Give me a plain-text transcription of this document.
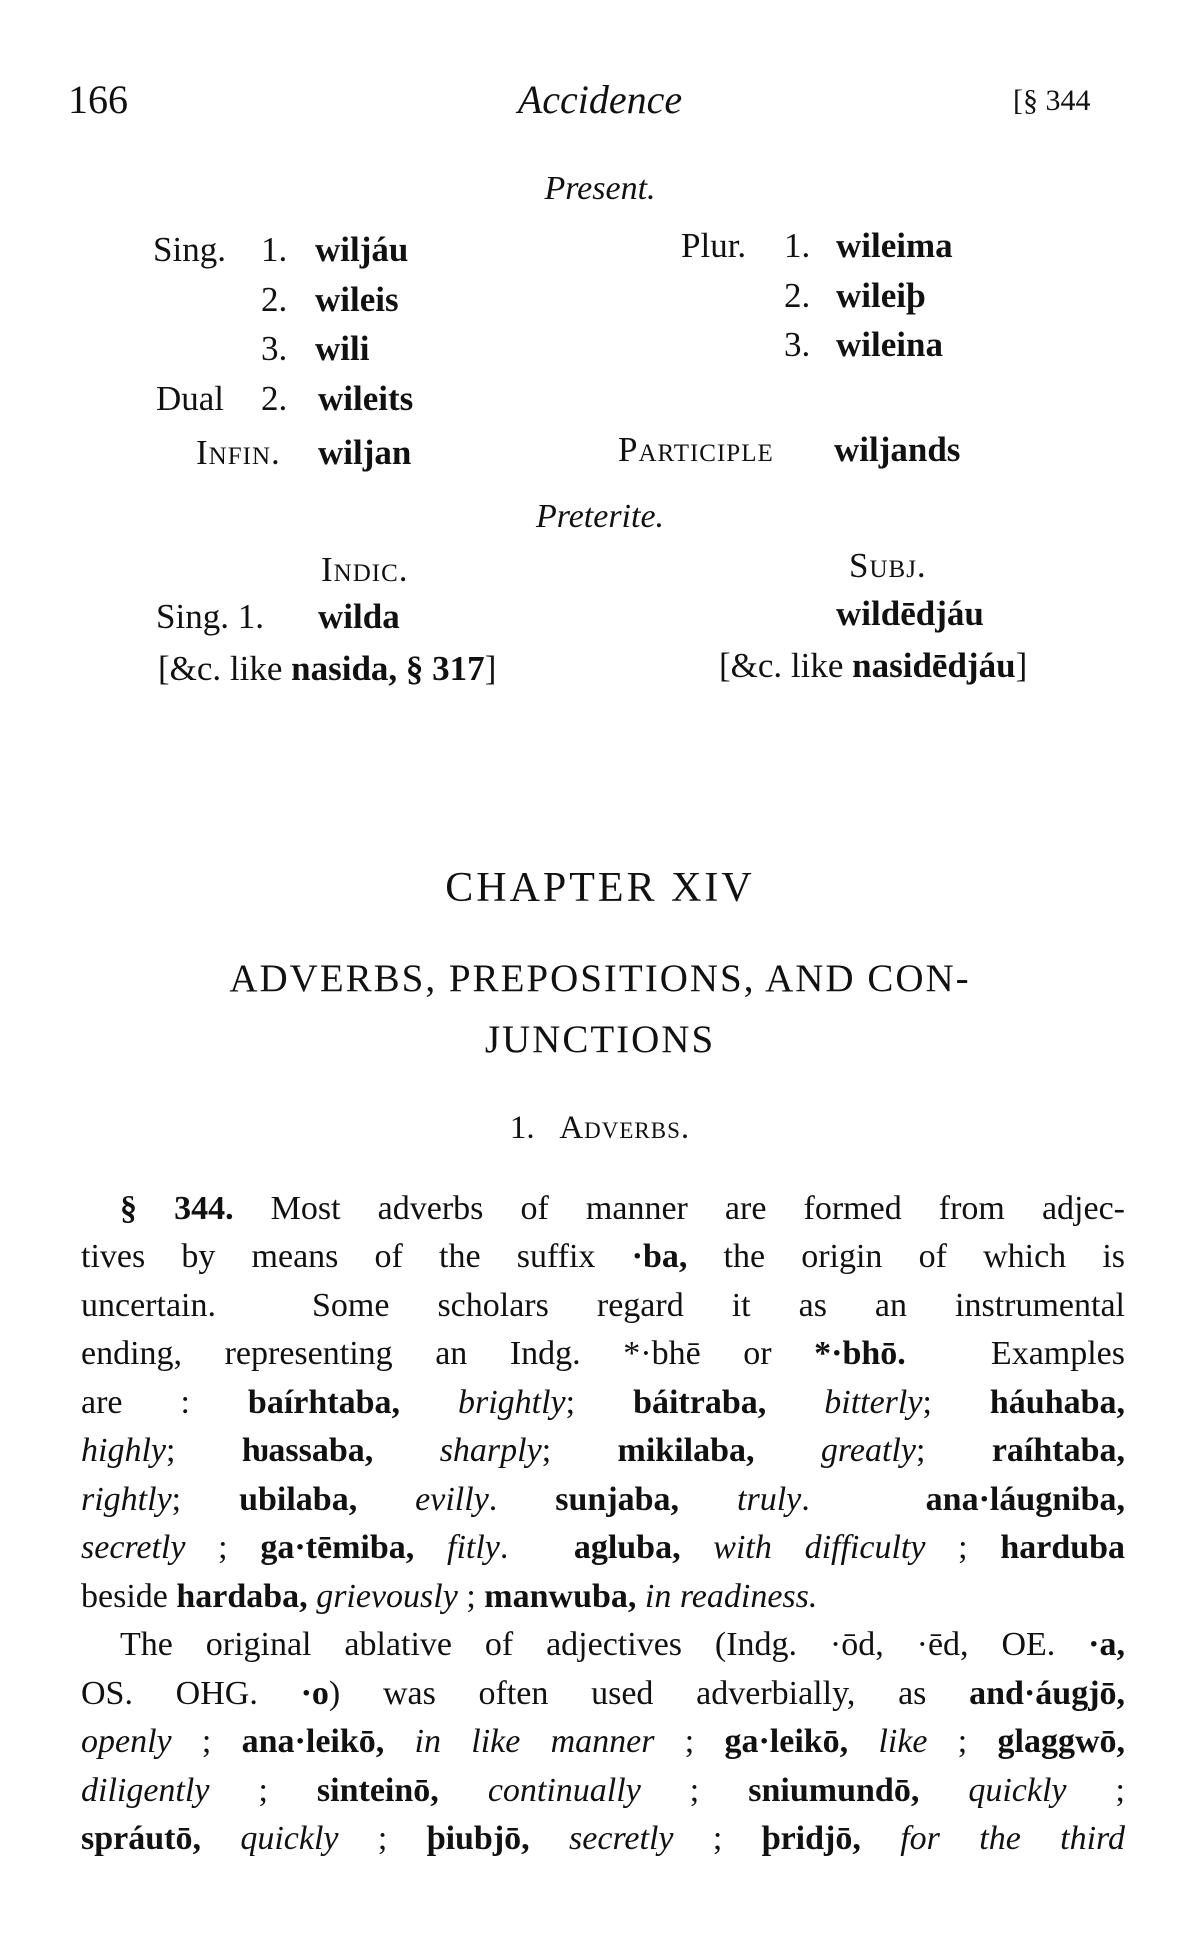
166	Accidence	[§ 344
Present.
Sing. 1. wiljáu
2. wileis
3. wili
Dual 2. wileits
Plur. 1. wileima
2. wileiþ
3. wileina
Infin. wiljan	Participle wiljands
Preterite.
Indic.	Subj.
Sing. 1. wilda	wildēdjáu
[&c. like nasida, § 317]	[&c. like nasidēdjáu]
CHAPTER XIV
ADVERBS, PREPOSITIONS, AND CON-
JUNCTIONS
1. Adverbs.
§ 344. Most adverbs of manner are formed from adjec-
tives by means of the suffix ·ba, the origin of which is
uncertain.  Some scholars regard it as an instrumental
ending, representing an Indg. *·bhē or *·bhō.  Examples
are : baírhtaba, brightly; báitraba, bitterly; háuhaba,
highly; ƕassaba, sharply; mikilaba, greatly; raíhtaba,
rightly; ubilaba, evilly. sunjaba, truly.  ana·láugniba,
secretly ; ga·tēmiba, fitly.  agluba, with difficulty ; harduba
beside hardaba, grievously ; manwuba, in readiness.
The original ablative of adjectives (Indg. ·ōd, ·ēd, OE. ·a,
OS. OHG. ·o) was often used adverbially, as and·áugjō,
openly ; ana·leikō, in like manner ; ga·leikō, like ; glaggwō,
diligently ; sinteinō, continually ; sniumundō, quickly ;
spráutō, quickly ; þiubjō, secretly ; þridjō, for the third
